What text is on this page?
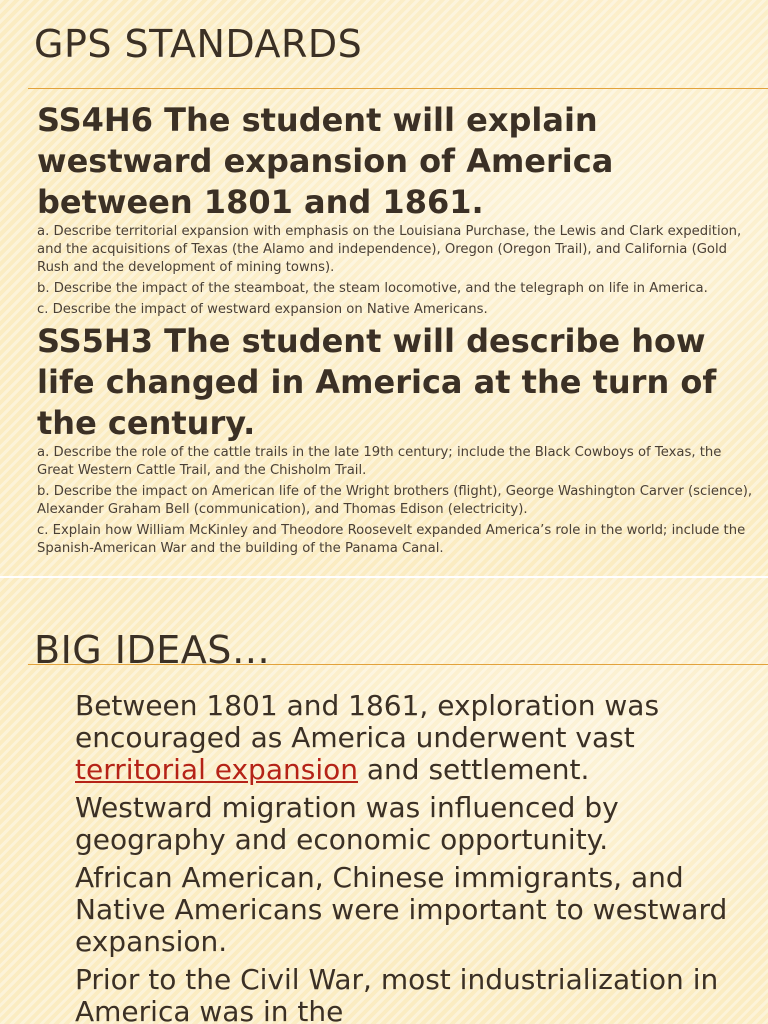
GPS STANDARDS
SS4H6 The student will explain westward expansion of America between 1801 and 1861.
a. Describe territorial expansion with emphasis on the Louisiana Purchase, the Lewis and Clark expedition, and the acquisitions of Texas (the Alamo and independence), Oregon (Oregon Trail), and California (Gold Rush and the development of mining towns).
b. Describe the impact of the steamboat, the steam locomotive, and the telegraph on life in America.
c. Describe the impact of westward expansion on Native Americans.
SS5H3 The student will describe how life changed in America at the turn of the century.
a. Describe the role of the cattle trails in the late 19th century; include the Black Cowboys of Texas, the Great Western Cattle Trail, and the Chisholm Trail.
b. Describe the impact on American life of the Wright brothers (flight), George Washington Carver (science), Alexander Graham Bell (communication), and Thomas Edison (electricity).
c. Explain how William McKinley and Theodore Roosevelt expanded America’s role in the world; include the Spanish-American War and the building of the Panama Canal.
BIG IDEAS…
Between 1801 and 1861, exploration was encouraged as America underwent vast territorial expansion and settlement.
Westward migration was influenced by geography and economic opportunity.
African American, Chinese immigrants, and Native Americans were important to westward expansion.
Prior to the Civil War, most industrialization in America was in the
